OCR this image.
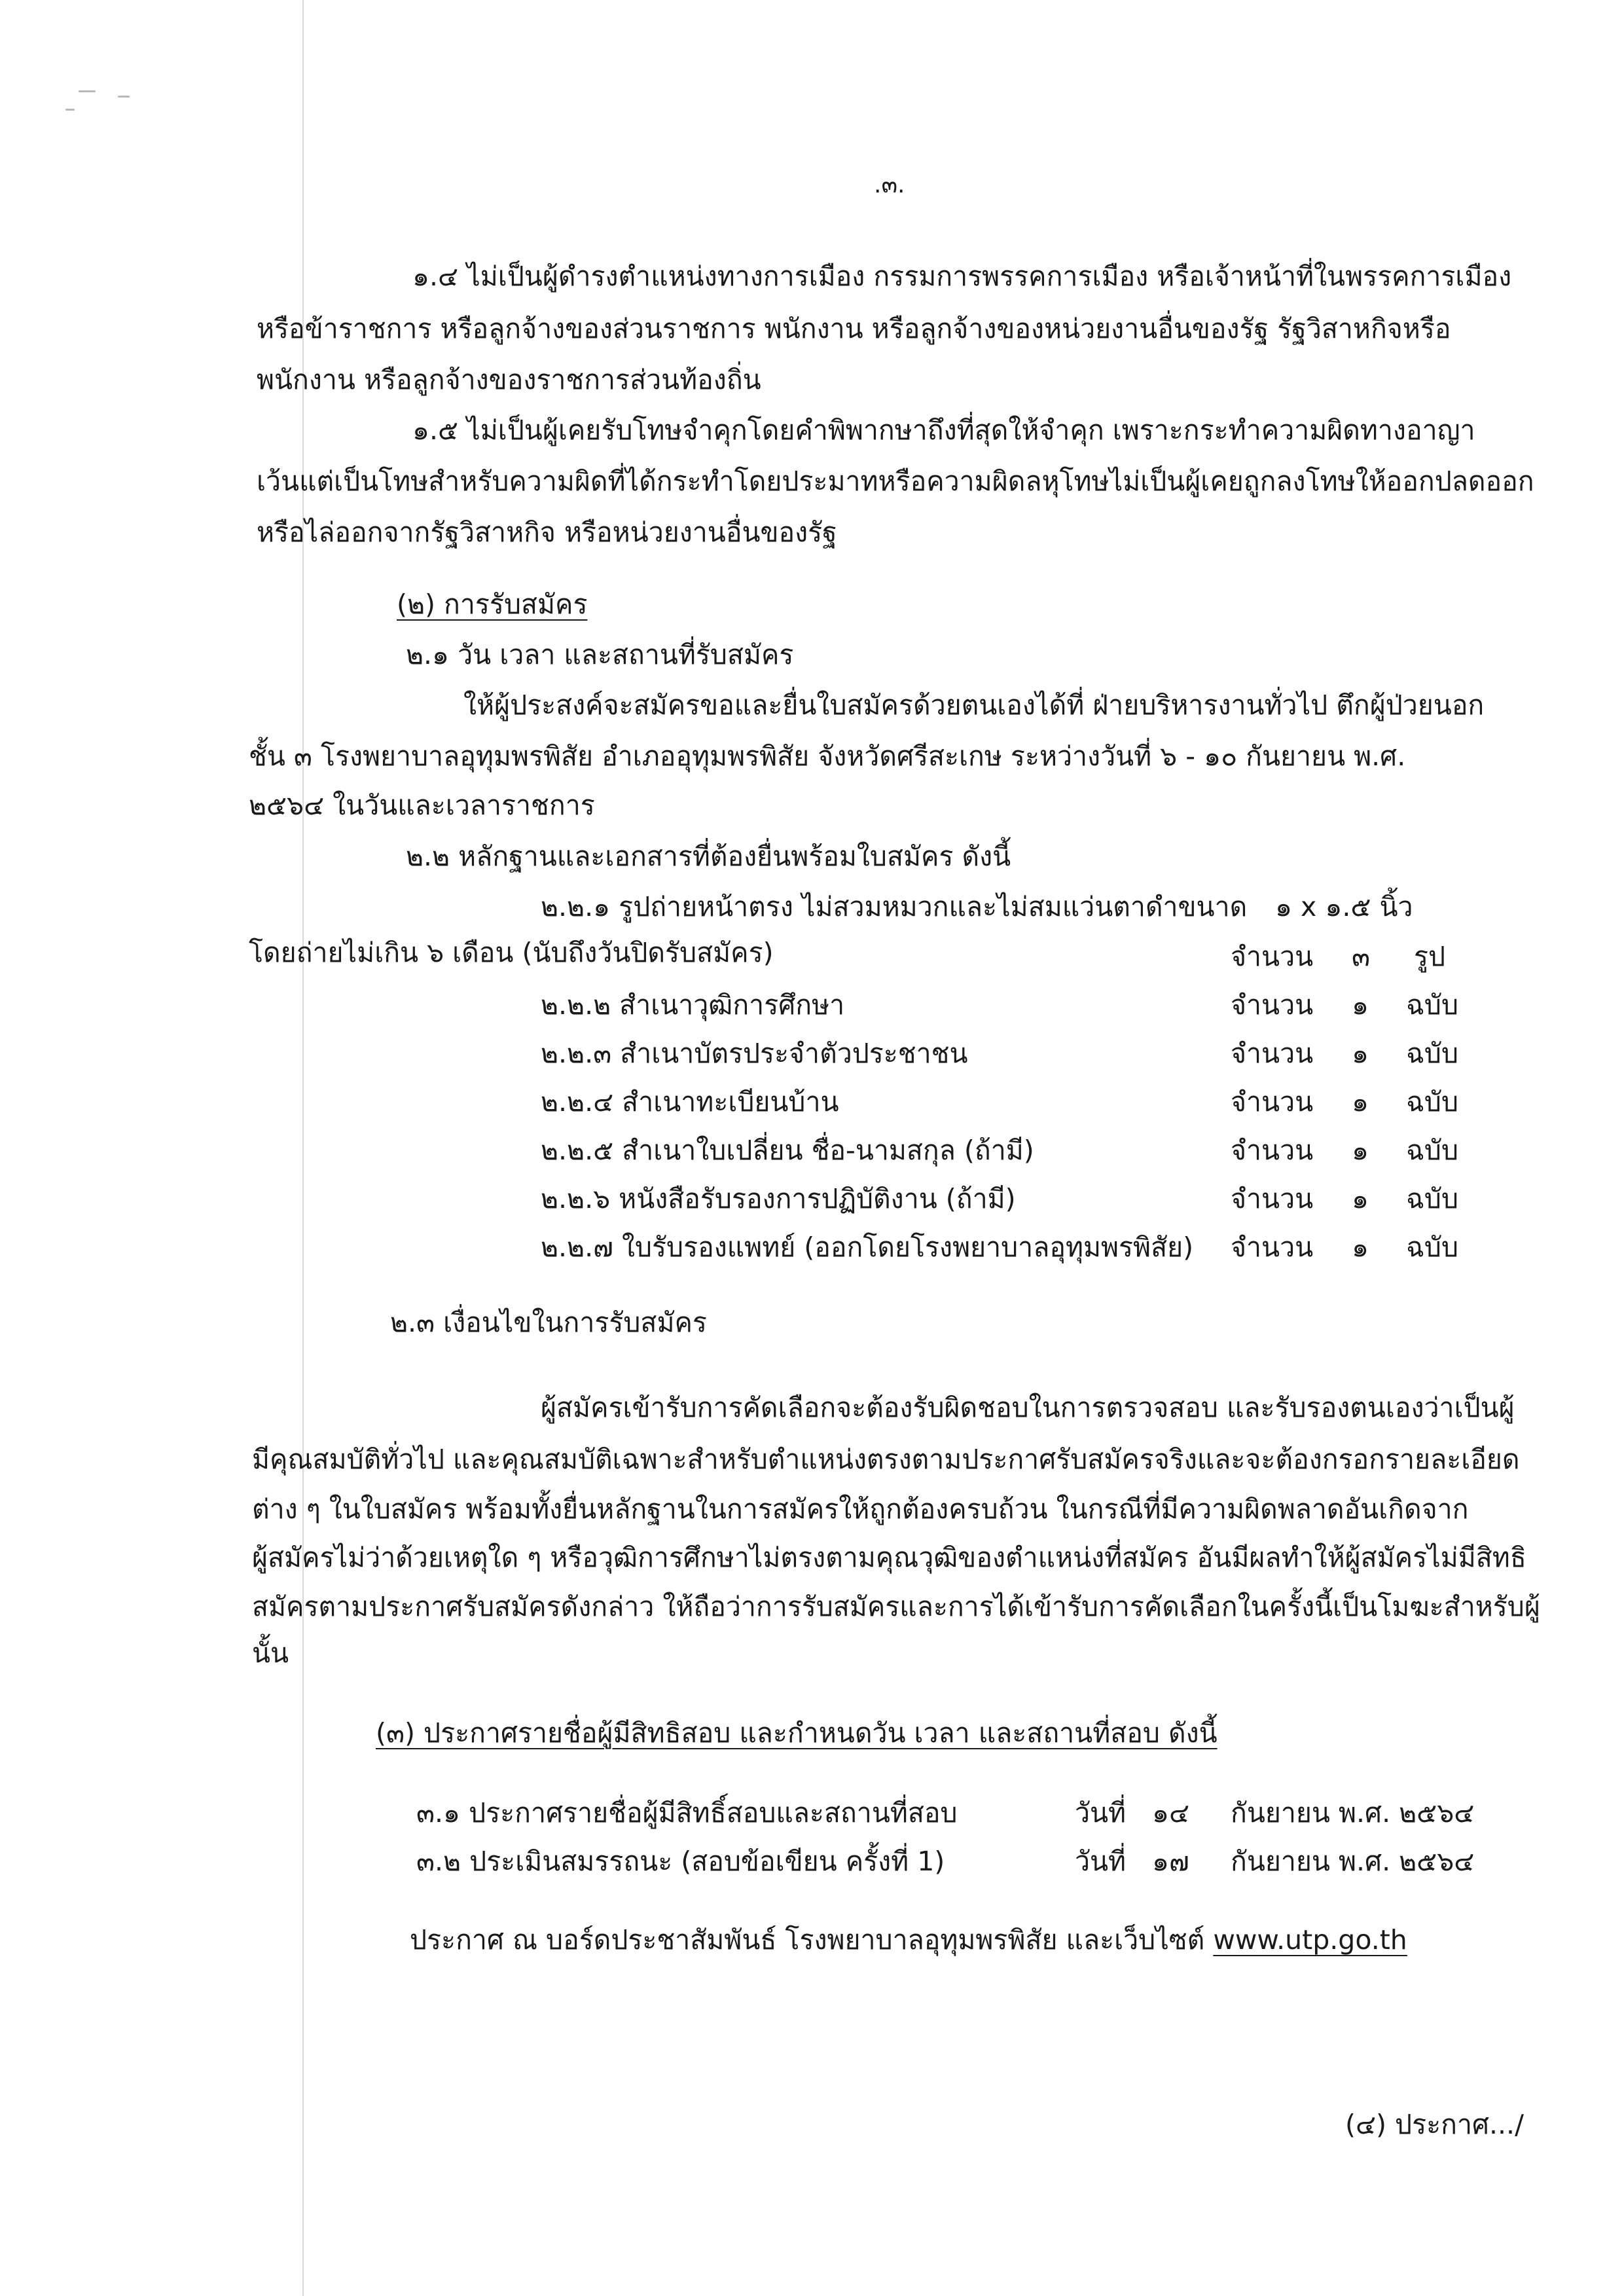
.๓.
๑.๔ ไม่เป็นผู้ดำรงตำแหน่งทางการเมือง กรรมการพรรคการเมือง หรือเจ้าหน้าที่ในพรรคการเมือง
หรือข้าราชการ หรือลูกจ้างของส่วนราชการ พนักงาน หรือลูกจ้างของหน่วยงานอื่นของรัฐ รัฐวิสาหกิจหรือ
พนักงาน หรือลูกจ้างของราชการส่วนท้องถิ่น
๑.๕ ไม่เป็นผู้เคยรับโทษจำคุกโดยคำพิพากษาถึงที่สุดให้จำคุก เพราะกระทำความผิดทางอาญา
เว้นแต่เป็นโทษสำหรับความผิดที่ได้กระทำโดยประมาทหรือความผิดลหุโทษไม่เป็นผู้เคยถูกลงโทษให้ออกปลดออก
หรือไล่ออกจากรัฐวิสาหกิจ หรือหน่วยงานอื่นของรัฐ
(๒) การรับสมัคร
๒.๑ วัน เวลา และสถานที่รับสมัคร
ให้ผู้ประสงค์จะสมัครขอและยื่นใบสมัครด้วยตนเองได้ที่ ฝ่ายบริหารงานทั่วไป ตึกผู้ป่วยนอก
ชั้น ๓ โรงพยาบาลอุทุมพรพิสัย อำเภออุทุมพรพิสัย จังหวัดศรีสะเกษ ระหว่างวันที่ ๖ - ๑๐ กันยายน พ.ศ.
๒๕๖๔ ในวันและเวลาราชการ
๒.๒ หลักฐานและเอกสารที่ต้องยื่นพร้อมใบสมัคร ดังนี้
๒.๒.๑ รูปถ่ายหน้าตรง ไม่สวมหมวกและไม่สมแว่นตาดำขนาด ๑ x ๑.๕ นิ้ว
โดยถ่ายไม่เกิน ๖ เดือน (นับถึงวันปิดรับสมัคร)	จำนวน ๓ รูป
๒.๒.๒ สำเนาวุฒิการศึกษา	จำนวน ๑ ฉบับ
๒.๒.๓ สำเนาบัตรประจำตัวประชาชน	จำนวน ๑ ฉบับ
๒.๒.๔ สำเนาทะเบียนบ้าน	จำนวน ๑ ฉบับ
๒.๒.๕ สำเนาใบเปลี่ยน ชื่อ-นามสกุล (ถ้ามี)	จำนวน ๑ ฉบับ
๒.๒.๖ หนังสือรับรองการปฏิบัติงาน (ถ้ามี)	จำนวน ๑ ฉบับ
๒.๒.๗ ใบรับรองแพทย์ (ออกโดยโรงพยาบาลอุทุมพรพิสัย) จำนวน ๑ ฉบับ
๒.๓ เงื่อนไขในการรับสมัคร
ผู้สมัครเข้ารับการคัดเลือกจะต้องรับผิดชอบในการตรวจสอบ และรับรองตนเองว่าเป็นผู้
มีคุณสมบัติทั่วไป และคุณสมบัติเฉพาะสำหรับตำแหน่งตรงตามประกาศรับสมัครจริงและจะต้องกรอกรายละเอียด
ต่าง ๆ ในใบสมัคร พร้อมทั้งยื่นหลักฐานในการสมัครให้ถูกต้องครบถ้วน ในกรณีที่มีความผิดพลาดอันเกิดจาก
ผู้สมัครไม่ว่าด้วยเหตุใด ๆ หรือวุฒิการศึกษาไม่ตรงตามคุณวุฒิของตำแหน่งที่สมัคร อันมีผลทำให้ผู้สมัครไม่มีสิทธิ
สมัครตามประกาศรับสมัครดังกล่าว ให้ถือว่าการรับสมัครและการได้เข้ารับการคัดเลือกในครั้งนี้เป็นโมฆะสำหรับผู้
นั้น
(๓) ประกาศรายชื่อผู้มีสิทธิสอบ และกำหนดวัน เวลา และสถานที่สอบ ดังนี้
๓.๑ ประกาศรายชื่อผู้มีสิทธิ์สอบและสถานที่สอบ	วันที่ ๑๔ กันยายน พ.ศ. ๒๕๖๔
๓.๒ ประเมินสมรรถนะ (สอบข้อเขียน ครั้งที่ 1)	วันที่ ๑๗ กันยายน พ.ศ. ๒๕๖๔
ประกาศ ณ บอร์ดประชาสัมพันธ์ โรงพยาบาลอุทุมพรพิสัย และเว็บไซต์ www.utp.go.th
(๔) ประกาศ.../
